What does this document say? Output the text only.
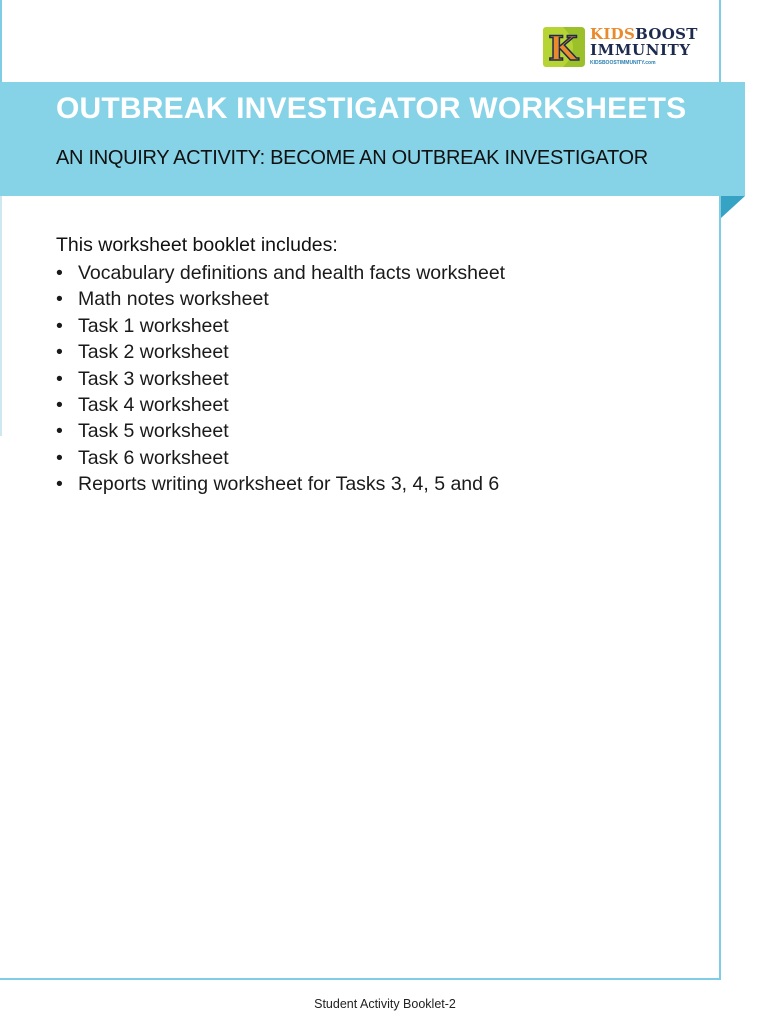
K KIDSBOOST
IMMUNITY
KIDSBOOSTIMMUNITY.com
OUTBREAK INVESTIGATOR WORKSHEETS
AN INQUIRY ACTIVITY: BECOME AN OUTBREAK INVESTIGATOR
This worksheet booklet includes:
• Vocabulary definitions and health facts worksheet
• Math notes worksheet
• Task 1 worksheet
• Task 2 worksheet
• Task 3 worksheet
• Task 4 worksheet
• Task 5 worksheet
• Task 6 worksheet
• Reports writing worksheet for Tasks 3, 4, 5 and 6
Student Activity Booklet-2
